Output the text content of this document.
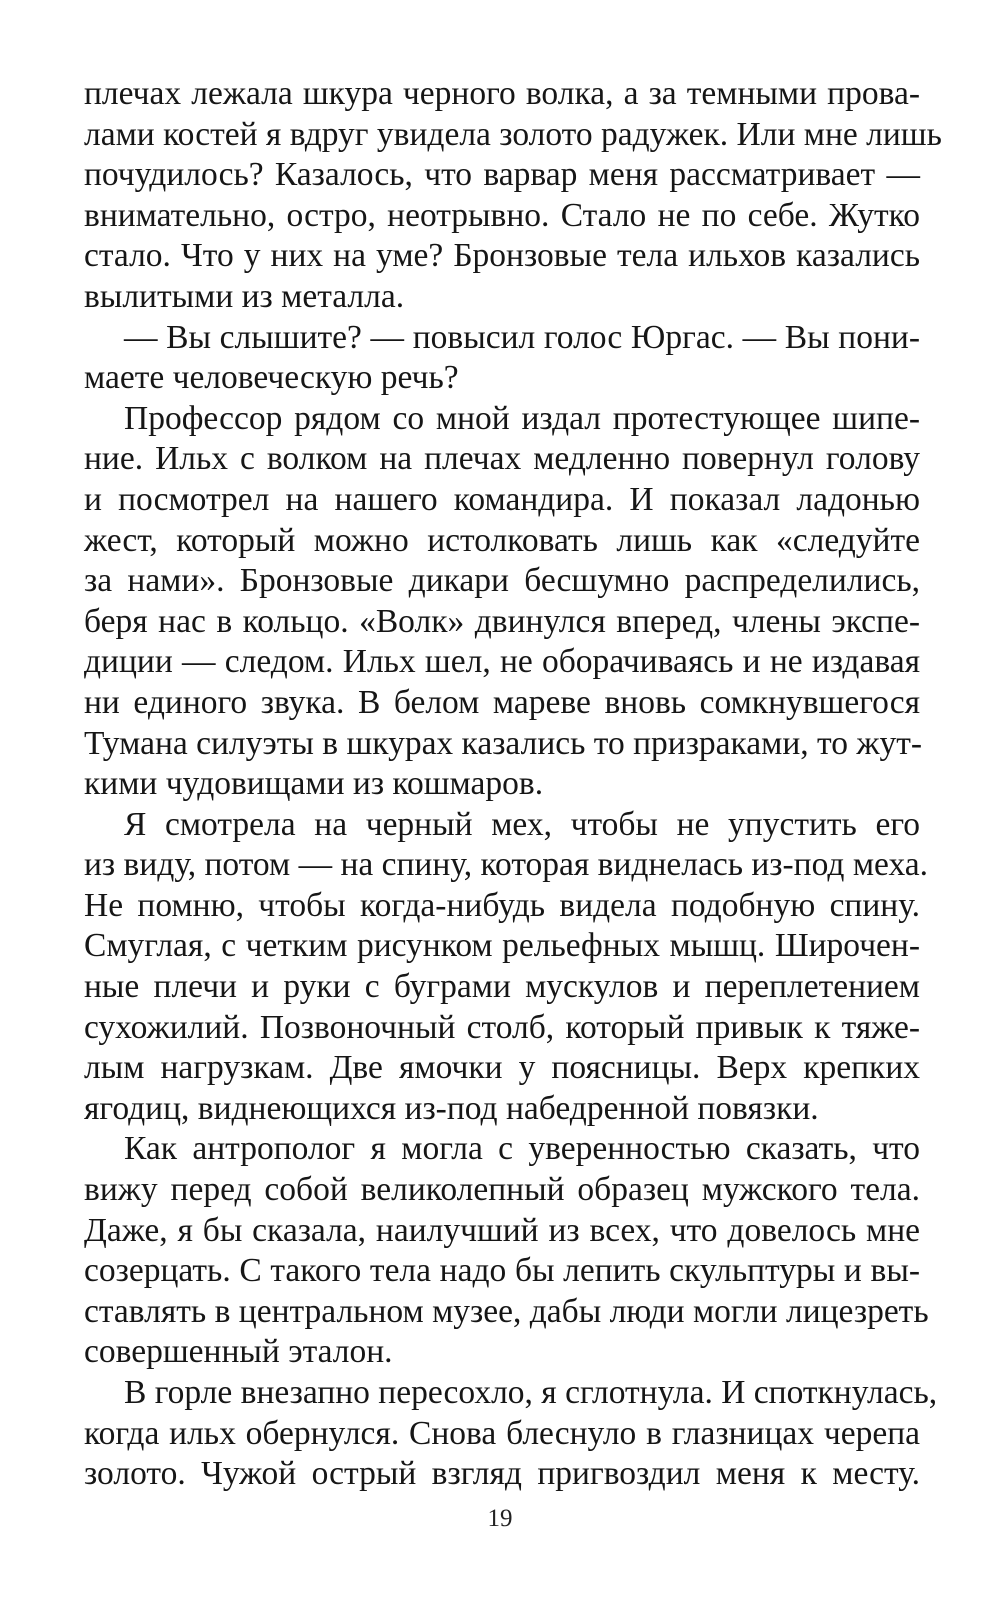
плечах лежала шкура черного волка, а за темными прова-
лами костей я вдруг увидела золото радужек. Или мне лишь
почудилось? Казалось, что варвар меня рассматривает —
внимательно, остро, неотрывно. Стало не по себе. Жутко
стало. Что у них на уме? Бронзовые тела ильхов казались
вылитыми из металла.
— Вы слышите? — повысил голос Юргас. — Вы пони-
маете человеческую речь?
Профессор рядом со мной издал протестующее шипе-
ние. Ильх с волком на плечах медленно повернул голову
и посмотрел на нашего командира. И показал ладонью
жест, который можно истолковать лишь как «следуйте
за нами». Бронзовые дикари бесшумно распределились,
беря нас в кольцо. «Волк» двинулся вперед, члены экспе-
диции — следом. Ильх шел, не оборачиваясь и не издавая
ни единого звука. В белом мареве вновь сомкнувшегося
Тумана силуэты в шкурах казались то призраками, то жут-
кими чудовищами из кошмаров.
Я смотрела на черный мех, чтобы не упустить его
из виду, потом — на спину, которая виднелась из-под меха.
Не помню, чтобы когда-нибудь видела подобную спину.
Смуглая, с четким рисунком рельефных мышц. Широчен-
ные плечи и руки с буграми мускулов и переплетением
сухожилий. Позвоночный столб, который привык к тяже-
лым нагрузкам. Две ямочки у поясницы. Верх крепких
ягодиц, виднеющихся из-под набедренной повязки.
Как антрополог я могла с уверенностью сказать, что
вижу перед собой великолепный образец мужского тела.
Даже, я бы сказала, наилучший из всех, что довелось мне
созерцать. С такого тела надо бы лепить скульптуры и вы-
ставлять в центральном музее, дабы люди могли лицезреть
совершенный эталон.
В горле внезапно пересохло, я сглотнула. И споткнулась,
когда ильх обернулся. Снова блеснуло в глазницах черепа
золото. Чужой острый взгляд пригвоздил меня к месту.
19
